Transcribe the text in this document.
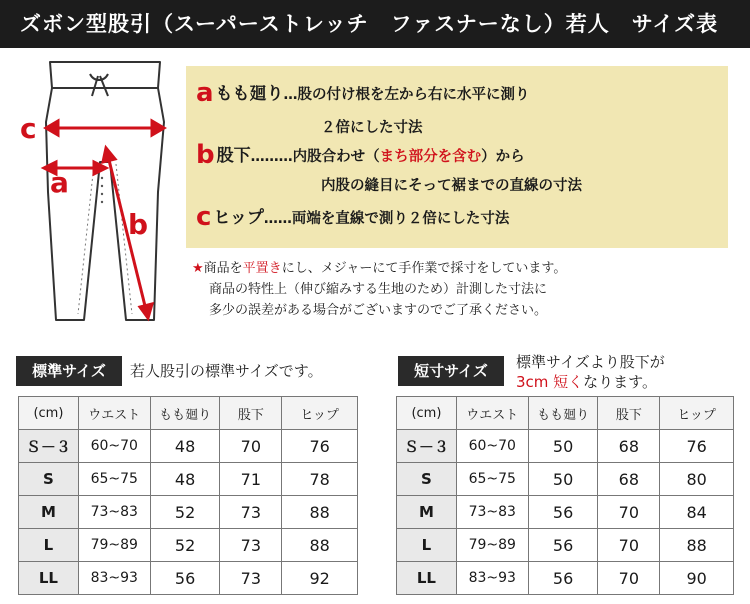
ズボン型股引（スーパーストレッチ　ファスナーなし）若人　サイズ表
c
a
b
aもも廻り…股の付け根を左から右に水平に測り
２倍にした寸法
b股下………内股合わせ（まち部分を含む）から
内股の縫目にそって裾までの直線の寸法
cヒップ……両端を直線で測り２倍にした寸法
★商品を平置きにし、メジャーにて手作業で採寸をしています。
商品の特性上（伸び縮みする生地のため）計測した寸法に
多少の誤差がある場合がございますのでご了承ください。
標準サイズ	若人股引の標準サイズです。
(cm)	ウエスト	もも廻り	股下	ヒップ
Ｓ－３	60~70	48	70	76
S	65~75	48	71	78
M	73~83	52	73	88
L	79~89	52	73	88
LL	83~93	56	73	92
短寸サイズ	標準サイズより股下が
3cm 短くなります。
(cm)	ウエスト	もも廻り	股下	ヒップ
Ｓ－３	60~70	50	68	76
S	65~75	50	68	80
M	73~83	56	70	84
L	79~89	56	70	88
LL	83~93	56	70	90
